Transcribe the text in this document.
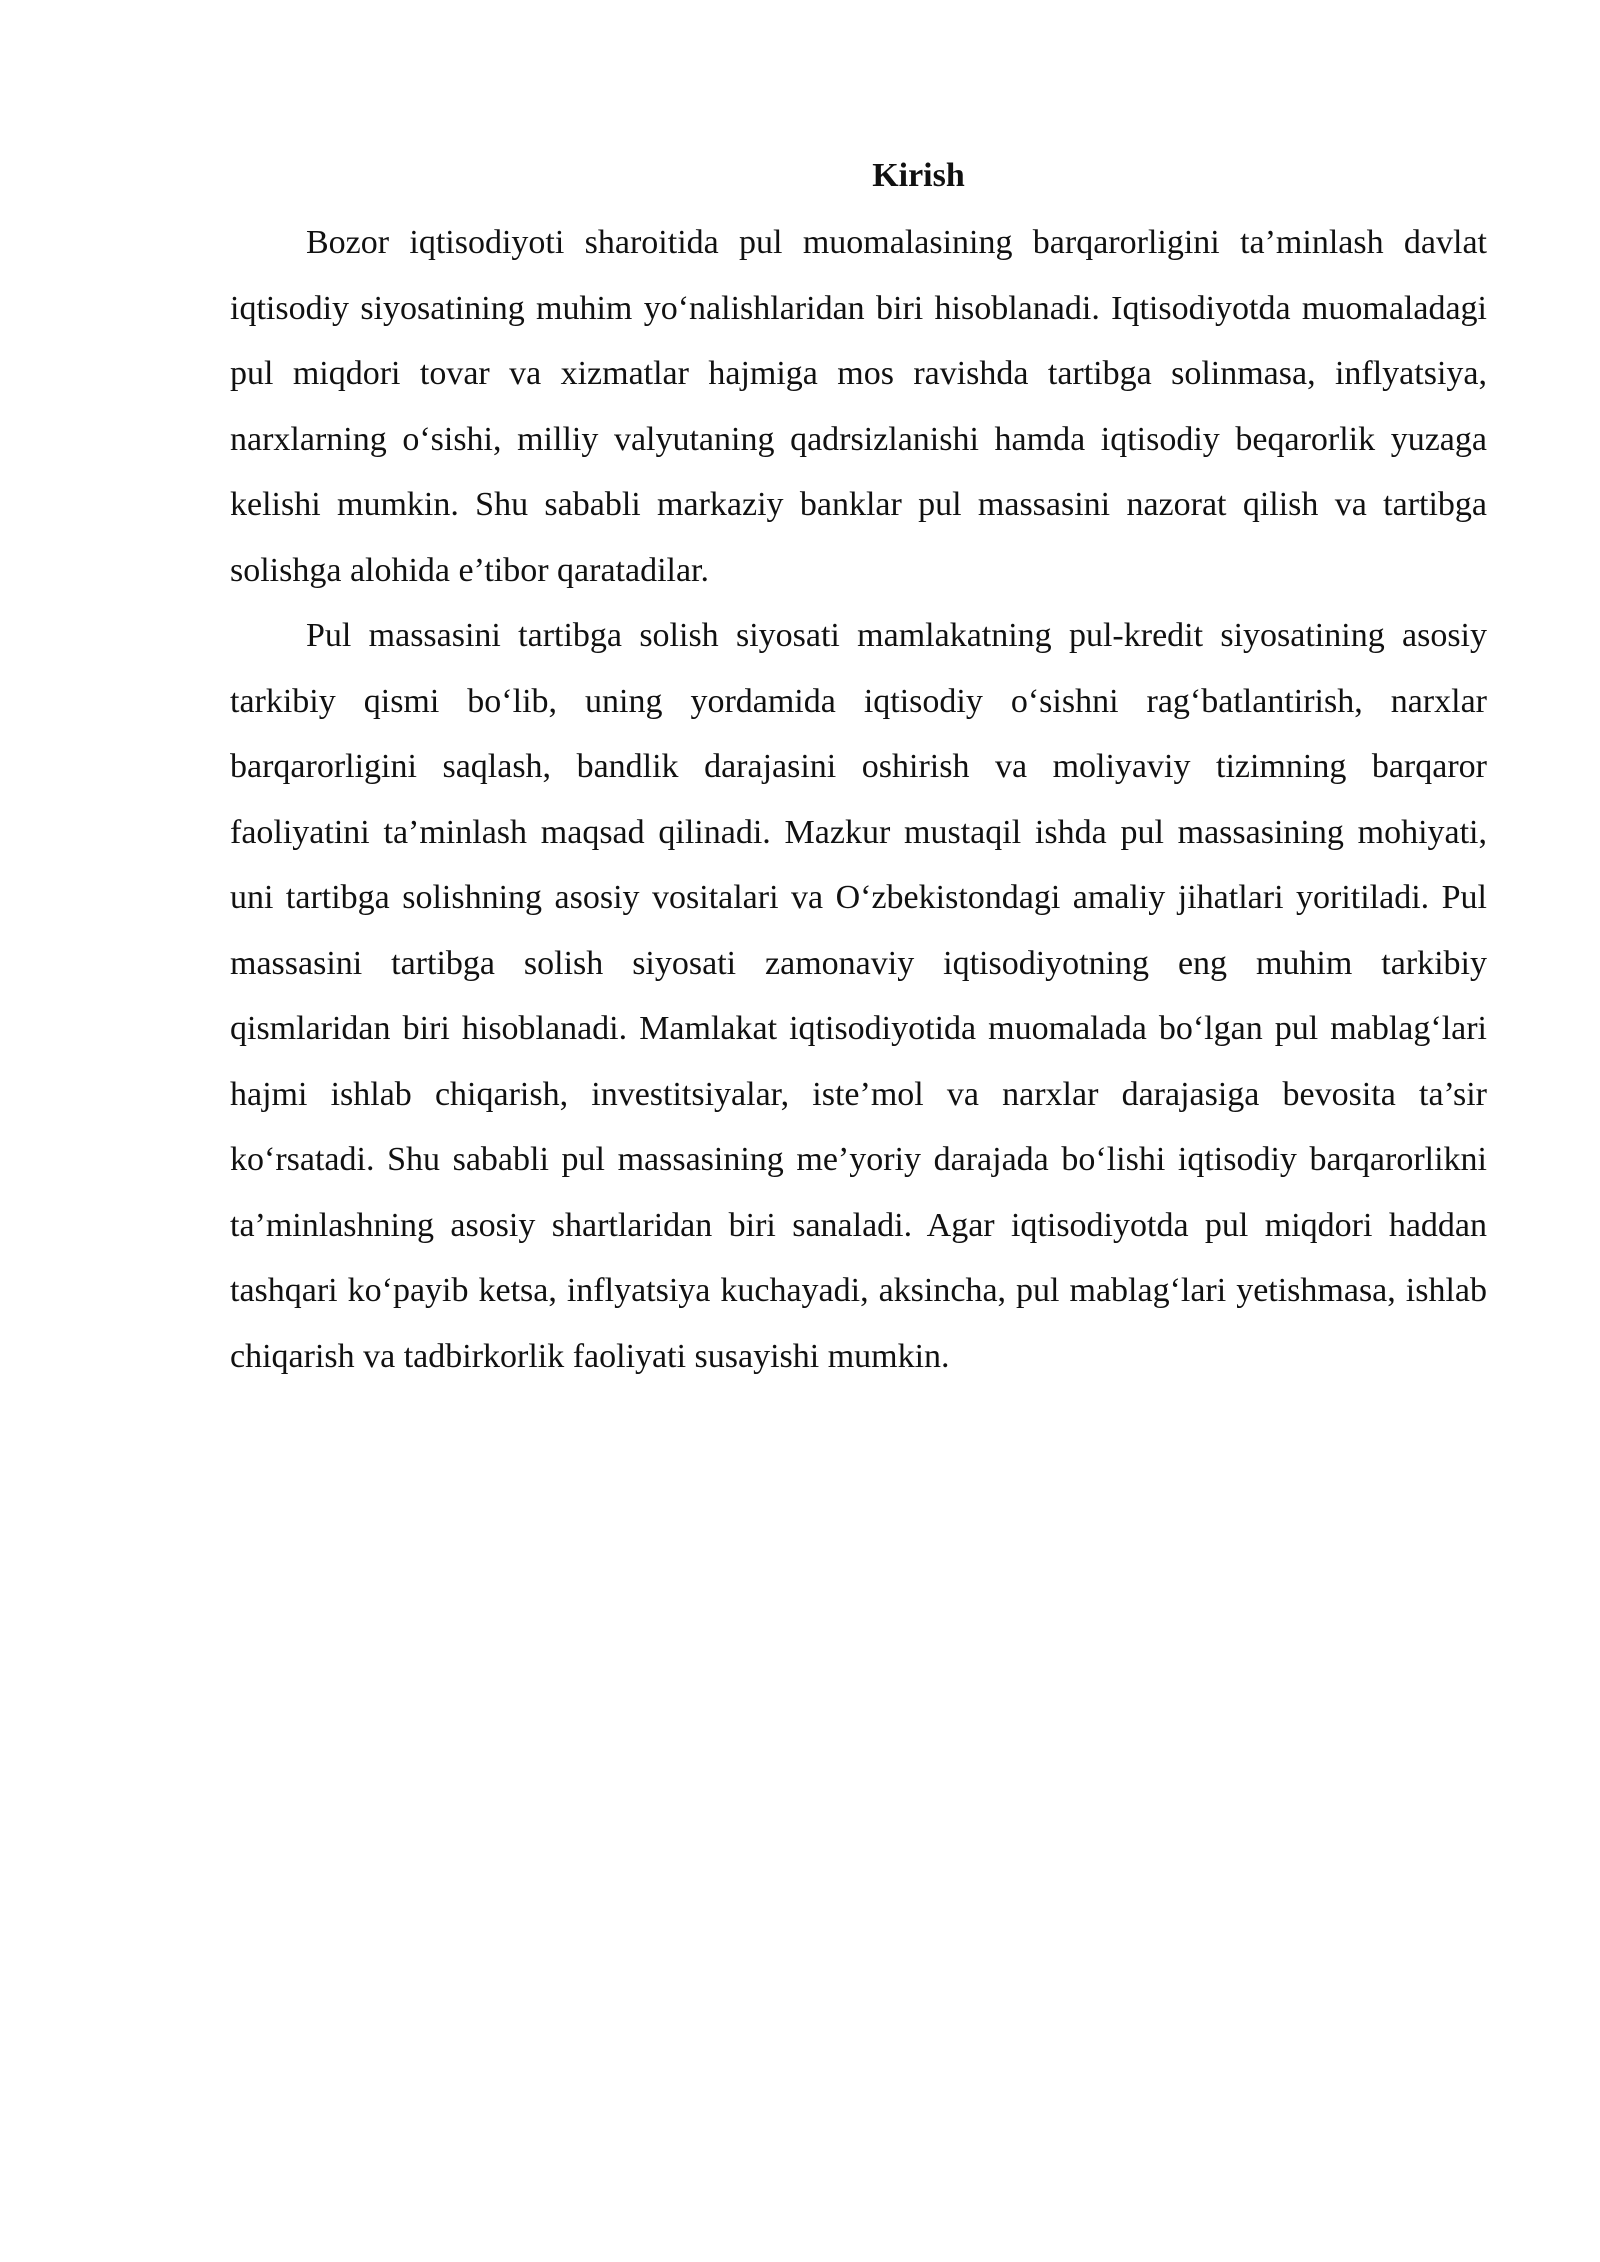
Kirish

Bozor iqtisodiyoti sharoitida pul muomalasining barqarorligini ta’minlash davlat iqtisodiy siyosatining muhim yo‘nalishlaridan biri hisoblanadi. Iqtisodiyotda muomaladagi pul miqdori tovar va xizmatlar hajmiga mos ravishda tartibga solinmasa, inflyatsiya, narxlarning o‘sishi, milliy valyutaning qadrsizlanishi hamda iqtisodiy beqarorlik yuzaga kelishi mumkin. Shu sababli markaziy banklar pul massasini nazorat qilish va tartibga solishga alohida e’tibor qaratadilar.

Pul massasini tartibga solish siyosati mamlakatning pul-kredit siyosatining asosiy tarkibiy qismi bo‘lib, uning yordamida iqtisodiy o‘sishni rag‘batlantirish, narxlar barqarorligini saqlash, bandlik darajasini oshirish va moliyaviy tizimning barqaror faoliyatini ta’minlash maqsad qilinadi. Mazkur mustaqil ishda pul massasining mohiyati, uni tartibga solishning asosiy vositalari va O‘zbekistondagi amaliy jihatlari yoritiladi. Pul massasini tartibga solish siyosati zamonaviy iqtisodiyotning eng muhim tarkibiy qismlaridan biri hisoblanadi. Mamlakat iqtisodiyotida muomalada bo‘lgan pul mablag‘lari hajmi ishlab chiqarish, investitsiyalar, iste’mol va narxlar darajasiga bevosita ta’sir ko‘rsatadi. Shu sababli pul massasining me’yoriy darajada bo‘lishi iqtisodiy barqarorlikni ta’minlashning asosiy shartlaridan biri sanaladi. Agar iqtisodiyotda pul miqdori haddan tashqari ko‘payib ketsa, inflyatsiya kuchayadi, aksincha, pul mablag‘lari yetishmasa, ishlab chiqarish va tadbirkorlik faoliyati susayishi mumkin.
